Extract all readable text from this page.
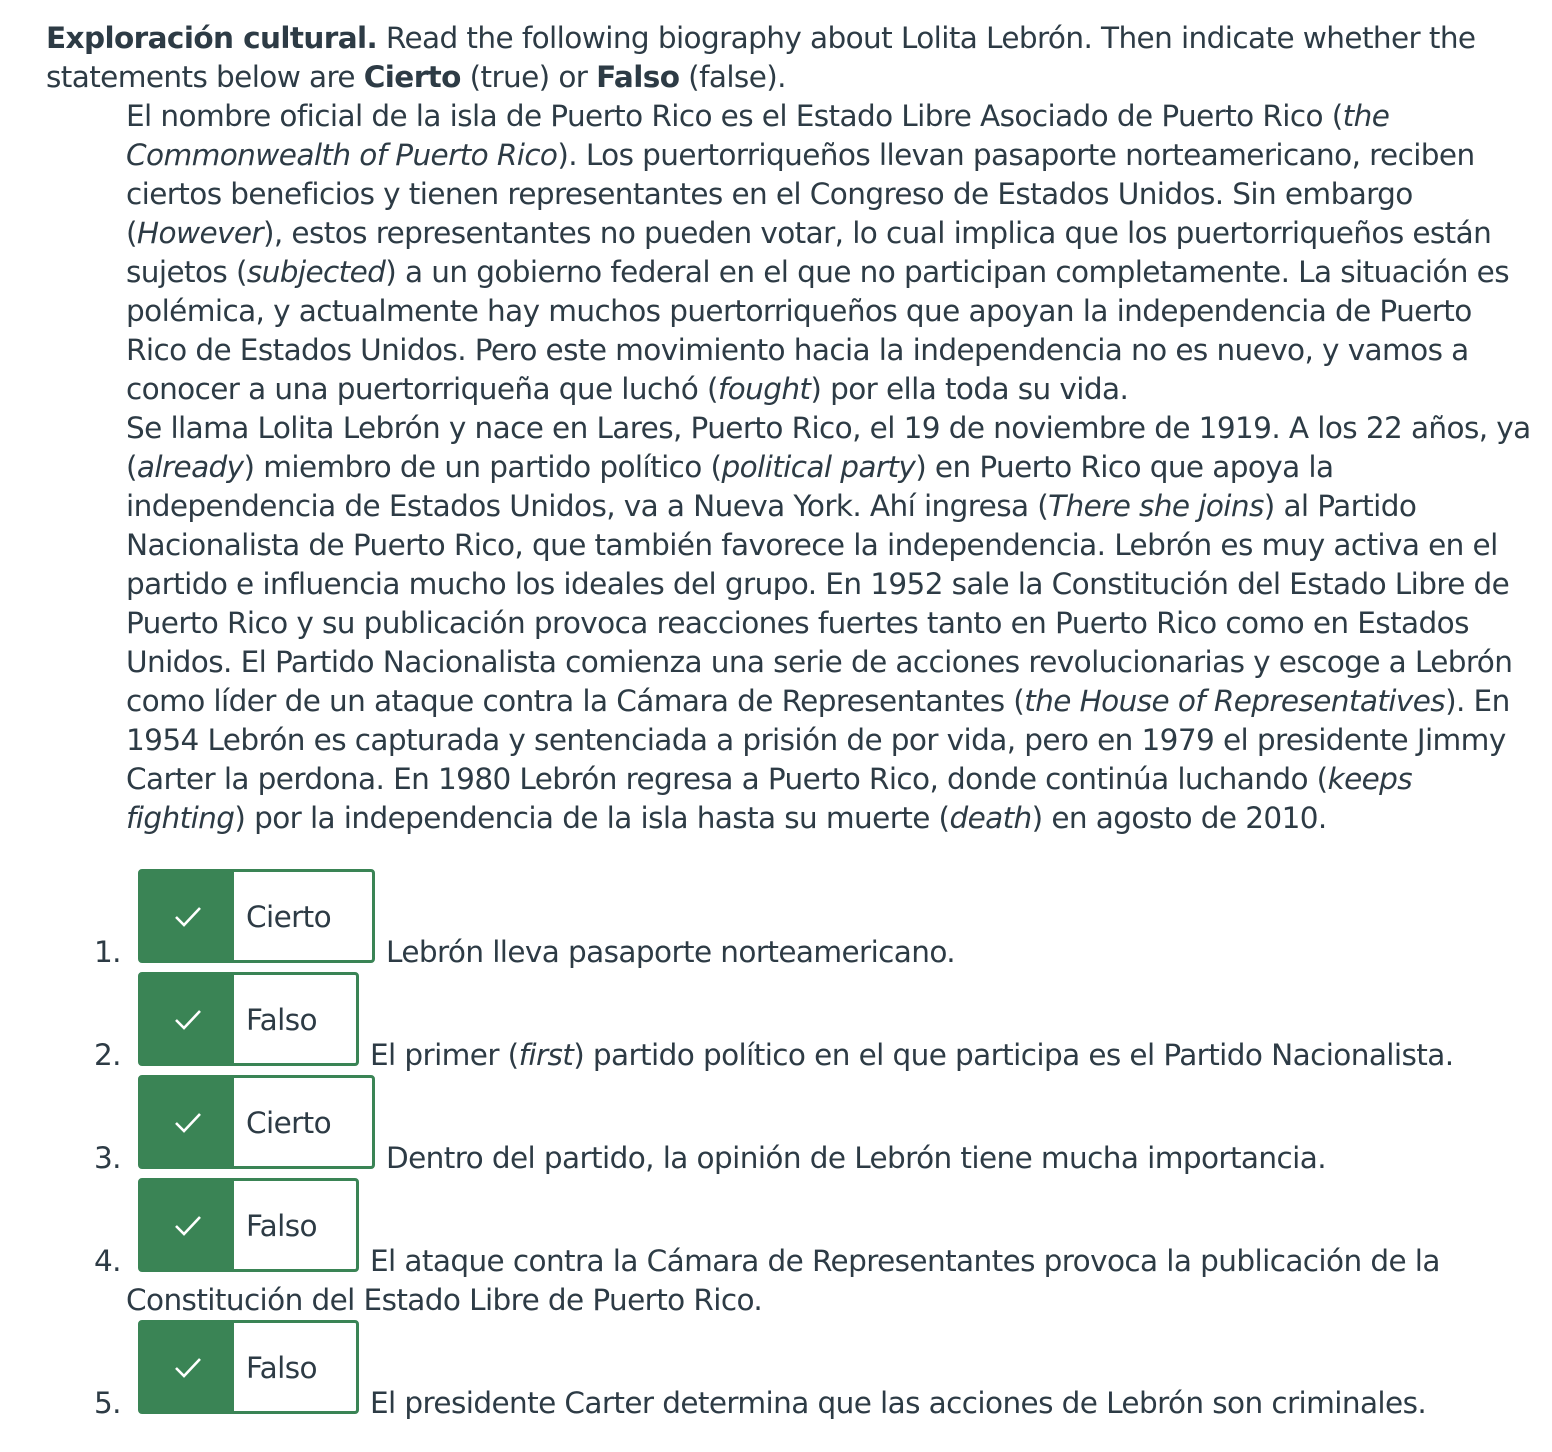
Exploración cultural. Read the following biography about Lolita Lebrón. Then indicate whether the statements below are Cierto (true) or Falso (false).

El nombre oficial de la isla de Puerto Rico es el Estado Libre Asociado de Puerto Rico (the Commonwealth of Puerto Rico). Los puertorriqueños llevan pasaporte norteamericano, reciben ciertos beneficios y tienen representantes en el Congreso de Estados Unidos. Sin embargo (However), estos representantes no pueden votar, lo cual implica que los puertorriqueños están sujetos (subjected) a un gobierno federal en el que no participan completamente. La situación es polémica, y actualmente hay muchos puertorriqueños que apoyan la independencia de Puerto Rico de Estados Unidos. Pero este movimiento hacia la independencia no es nuevo, y vamos a conocer a una puertorriqueña que luchó (fought) por ella toda su vida.

Se llama Lolita Lebrón y nace en Lares, Puerto Rico, el 19 de noviembre de 1919. A los 22 años, ya (already) miembro de un partido político (political party) en Puerto Rico que apoya la independencia de Estados Unidos, va a Nueva York. Ahí ingresa (There she joins) al Partido Nacionalista de Puerto Rico, que también favorece la independencia. Lebrón es muy activa en el partido e influencia mucho los ideales del grupo. En 1952 sale la Constitución del Estado Libre de Puerto Rico y su publicación provoca reacciones fuertes tanto en Puerto Rico como en Estados Unidos. El Partido Nacionalista comienza una serie de acciones revolucionarias y escoge a Lebrón como líder de un ataque contra la Cámara de Representantes (the House of Representatives). En 1954 Lebrón es capturada y sentenciada a prisión de por vida, pero en 1979 el presidente Jimmy Carter la perdona. En 1980 Lebrón regresa a Puerto Rico, donde continúa luchando (keeps fighting) por la independencia de la isla hasta su muerte (death) en agosto de 2010.

1.
Cierto
Lebrón lleva pasaporte norteamericano.
2.
Falso
El primer (first) partido político en el que participa es el Partido Nacionalista.
3.
Cierto
Dentro del partido, la opinión de Lebrón tiene mucha importancia.
4.
Falso
El ataque contra la Cámara de Representantes provoca la publicación de la
Constitución del Estado Libre de Puerto Rico.
5.
Falso
El presidente Carter determina que las acciones de Lebrón son criminales.
